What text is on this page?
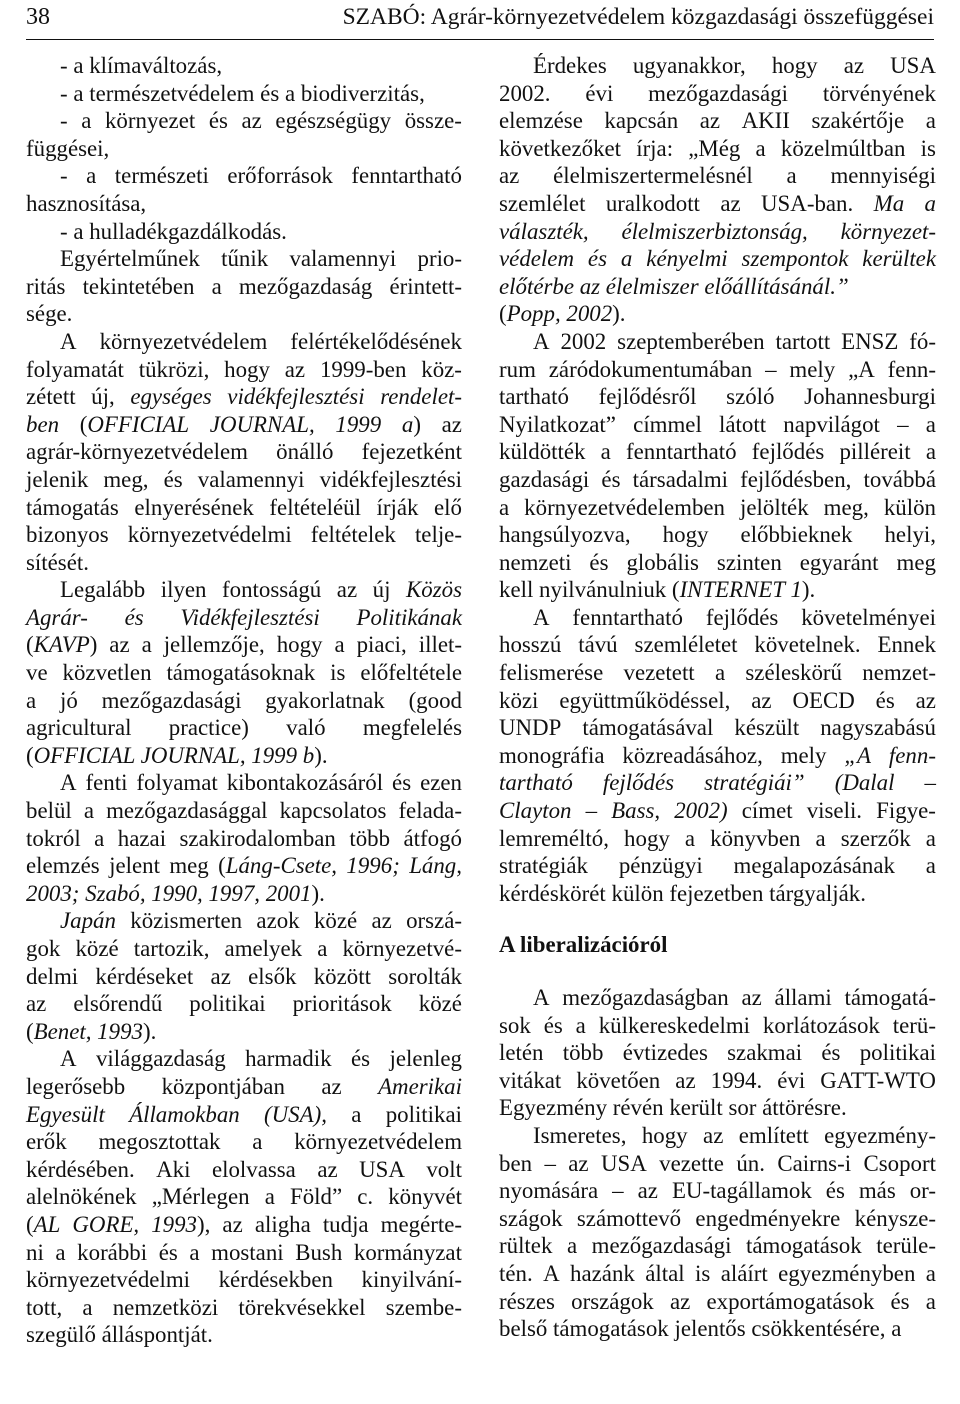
38	SZABÓ: Agrár-környezetvédelem közgazdasági összefüggései
- a klímaváltozás,
- a természetvédelem és a biodiverzitás,
- a környezet és az egészségügy össze-
függései,
- a természeti erőforrások fenntartható
hasznosítása,
- a hulladékgazdálkodás.
Egyértelműnek tűnik valamennyi prio-
ritás tekintetében a mezőgazdaság érintett-
sége.
A környezetvédelem felértékelődésének
folyamatát tükrözi, hogy az 1999-ben köz-
zétett új, egységes vidékfejlesztési rendelet-
ben (OFFICIAL JOURNAL, 1999 a) az
agrár-környezetvédelem önálló fejezetként
jelenik meg, és valamennyi vidékfejlesztési
támogatás elnyerésének feltételéül írják elő
bizonyos környezetvédelmi feltételek telje-
sítését.
Legalább ilyen fontosságú az új Közös
Agrár- és Vidékfejlesztési Politikának
(KAVP) az a jellemzője, hogy a piaci, illet-
ve közvetlen támogatásoknak is előfeltétele
a jó mezőgazdasági gyakorlatnak (good
agricultural practice) való megfelelés
(OFFICIAL JOURNAL, 1999 b).
A fenti folyamat kibontakozásáról és ezen
belül a mezőgazdasággal kapcsolatos felada-
tokról a hazai szakirodalomban több átfogó
elemzés jelent meg (Láng-Csete, 1996; Láng,
2003; Szabó, 1990, 1997, 2001).
Japán közismerten azok közé az orszá-
gok közé tartozik, amelyek a környezetvé-
delmi kérdéseket az elsők között sorolták
az elsőrendű politikai prioritások közé
(Benet, 1993).
A világgazdaság harmadik és jelenleg
legerősebb központjában az Amerikai
Egyesült Államokban (USA), a politikai
erők megosztottak a környezetvédelem
kérdésében. Aki elolvassa az USA volt
alelnökének „Mérlegen a Föld” c. könyvét
(AL GORE, 1993), az aligha tudja megérte-
ni a korábbi és a mostani Bush kormányzat
környezetvédelmi kérdésekben kinyilvání-
tott, a nemzetközi törekvésekkel szembe-
szegülő álláspontját.
Érdekes ugyanakkor, hogy az USA
2002. évi mezőgazdasági törvényének
elemzése kapcsán az AKII szakértője a
következőket írja: „Még a közelmúltban is
az élelmiszertermelésnél a mennyiségi
szemlélet uralkodott az USA-ban. Ma a
választék, élelmiszerbiztonság, környezet-
védelem és a kényelmi szempontok kerültek
előtérbe az élelmiszer előállításánál.”
(Popp, 2002).
A 2002 szeptemberében tartott ENSZ fó-
rum záródokumentumában – mely „A fenn-
tartható fejlődésről szóló Johannesburgi
Nyilatkozat” címmel látott napvilágot – a
küldötték a fenntartható fejlődés pilléreit a
gazdasági és társadalmi fejlődésben, továbbá
a környezetvédelemben jelölték meg, külön
hangsúlyozva, hogy előbbieknek helyi,
nemzeti és globális szinten egyaránt meg
kell nyilvánulniuk (INTERNET 1).
A fenntartható fejlődés követelményei
hosszú távú szemléletet követelnek. Ennek
felismerése vezetett a széleskörű nemzet-
közi együttműködéssel, az OECD és az
UNDP támogatásával készült nagyszabású
monográfia közreadásához, mely „A fenn-
tartható fejlődés stratégiái” (Dalal –
Clayton – Bass, 2002) címet viseli. Figye-
lemreméltó, hogy a könyvben a szerzők a
stratégiák pénzügyi megalapozásának a
kérdéskörét külön fejezetben tárgyalják.
A liberalizációról
A mezőgazdaságban az állami támogatá-
sok és a külkereskedelmi korlátozások terü-
letén több évtizedes szakmai és politikai
vitákat követően az 1994. évi GATT-WTO
Egyezmény révén került sor áttörésre.
Ismeretes, hogy az említett egyezmény-
ben – az USA vezette ún. Cairns-i Csoport
nyomására – az EU-tagállamok és más or-
szágok számottevő engedményekre kénysze-
rültek a mezőgazdasági támogatások terüle-
tén. A hazánk által is aláírt egyezményben a
részes országok az exportámogatások és a
belső támogatások jelentős csökkentésére, a
